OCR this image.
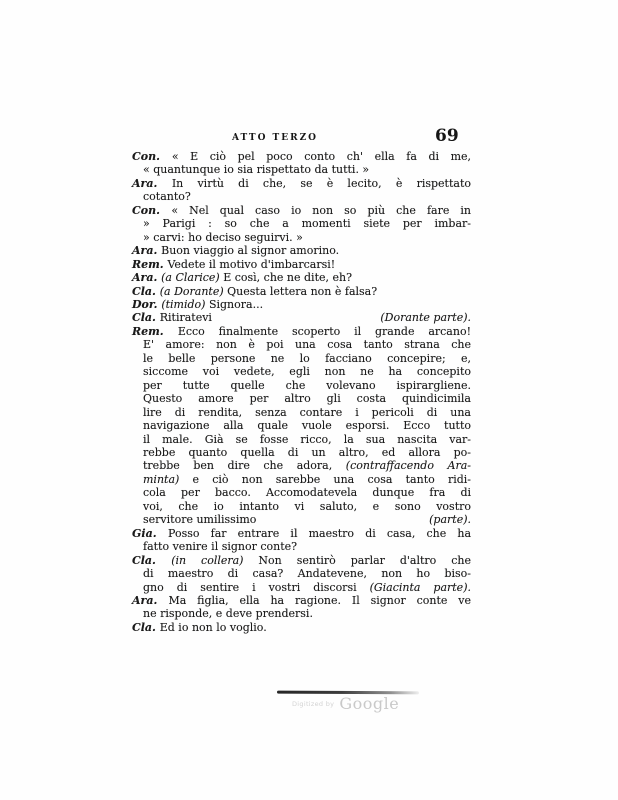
ATTO TERZO	69
Con. « E ciò pel poco conto ch' ella fa di me,
« quantunque io sia rispettato da tutti. »
Ara. In virtù di che, se è lecito, è rispettato
cotanto?
Con. « Nel qual caso io non so più che fare in
» Parigi : so che a momenti siete per imbar-
» carvi: ho deciso seguirvi. »
Ara. Buon viaggio al signor amorino.
Rem. Vedete il motivo d'imbarcarsi!
Ara. (a Clarice) E così, che ne dite, eh?
Cla. (a Dorante) Questa lettera non è falsa?
Dor. (timido) Signora...
Cla. Ritiratevi	(Dorante parte).
Rem. Ecco finalmente scoperto il grande arcano!
E' amore: non è poi una cosa tanto strana che
le belle persone ne lo facciano concepire; e,
siccome voi vedete, egli non ne ha concepito
per tutte quelle che volevano ispirargliene.
Questo amore per altro gli costa quindicimila
lire di rendita, senza contare i pericoli di una
navigazione alla quale vuole esporsi. Ecco tutto
il male. Già se fosse ricco, la sua nascita var-
rebbe quanto quella di un altro, ed allora po-
trebbe ben dire che adora, (contraffacendo Ara-
minta) e ciò non sarebbe una cosa tanto ridi-
cola per bacco. Accomodatevela dunque fra di
voi, che io intanto vi saluto, e sono vostro
servitore umilissimo	(parte).
Gia. Posso far entrare il maestro di casa, che ha
fatto venire il signor conte?
Cla. (in collera) Non sentirò parlar d'altro che
di maestro di casa? Andatevene, non ho biso-
gno di sentire i vostri discorsi (Giacinta parte).
Ara. Ma figlia, ella ha ragione. Il signor conte ve
ne risponde, e deve prendersi.
Cla. Ed io non lo voglio.
Digitized by Google
